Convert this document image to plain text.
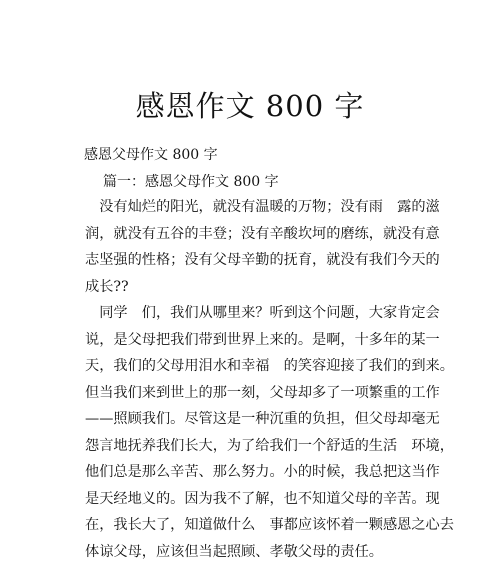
感恩作文 800 字
感恩父母作文 800 字
篇一：感恩父母作文 800 字
　没有灿烂的阳光，就没有温暖的万物；没有雨　露的滋
润，就没有五谷的丰登；没有辛酸坎坷的磨练，就没有意
志坚强的性格；没有父母辛勤的抚育，就没有我们今天的
成长??
　同学　们，我们从哪里来？听到这个问题，大家肯定会
说，是父母把我们带到世界上来的。是啊，十多年的某一
天，我们的父母用泪水和幸福　的笑容迎接了我们的到来。
但当我们来到世上的那一刻，父母却多了一项繁重的工作
——照顾我们。尽管这是一种沉重的负担，但父母却毫无
怨言地抚养我们长大，为了给我们一个舒适的生活　环境，
他们总是那么辛苦、那么努力。小的时候，我总把这当作
是天经地义的。因为我不了解，也不知道父母的辛苦。现
在，我长大了，知道做什么　事都应该怀着一颗感恩之心去
体谅父母，应该但当起照顾、孝敬父母的责任。
